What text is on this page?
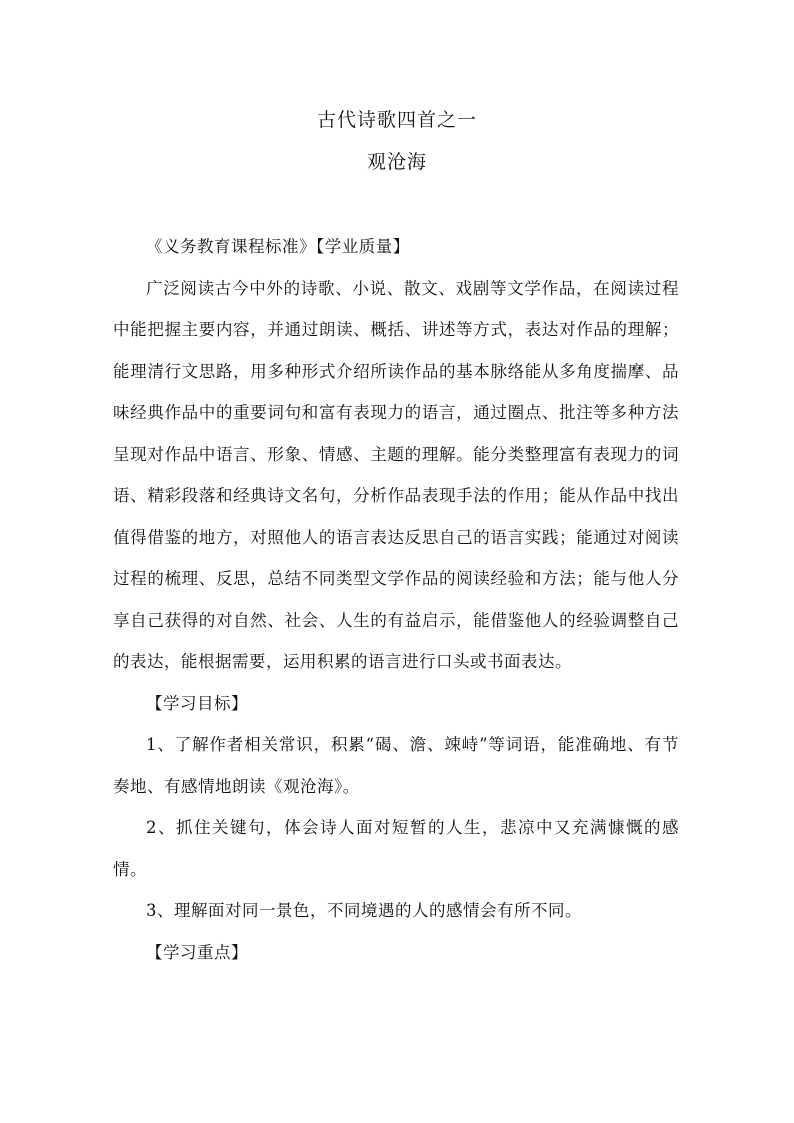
古代诗歌四首之一
观沧海

《义务教育课程标准》【学业质量】

广泛阅读古今中外的诗歌、小说、散文、戏剧等文学作品，在阅读过程中能把握主要内容，并通过朗读、概括、讲述等方式，表达对作品的理解；能理清行文思路，用多种形式介绍所读作品的基本脉络能从多角度揣摩、品味经典作品中的重要词句和富有表现力的语言，通过圈点、批注等多种方法呈现对作品中语言、形象、情感、主题的理解。能分类整理富有表现力的词语、精彩段落和经典诗文名句，分析作品表现手法的作用；能从作品中找出值得借鉴的地方，对照他人的语言表达反思自己的语言实践；能通过对阅读过程的梳理、反思，总结不同类型文学作品的阅读经验和方法；能与他人分享自己获得的对自然、社会、人生的有益启示，能借鉴他人的经验调整自己的表达，能根据需要，运用积累的语言进行口头或书面表达。

【学习目标】

1、了解作者相关常识，积累“碣、澹、竦峙”等词语，能准确地、有节奏地、有感情地朗读《观沧海》。

2、抓住关键句，体会诗人面对短暂的人生，悲凉中又充满慷慨的感情。

3、理解面对同一景色，不同境遇的人的感情会有所不同。

【学习重点】
